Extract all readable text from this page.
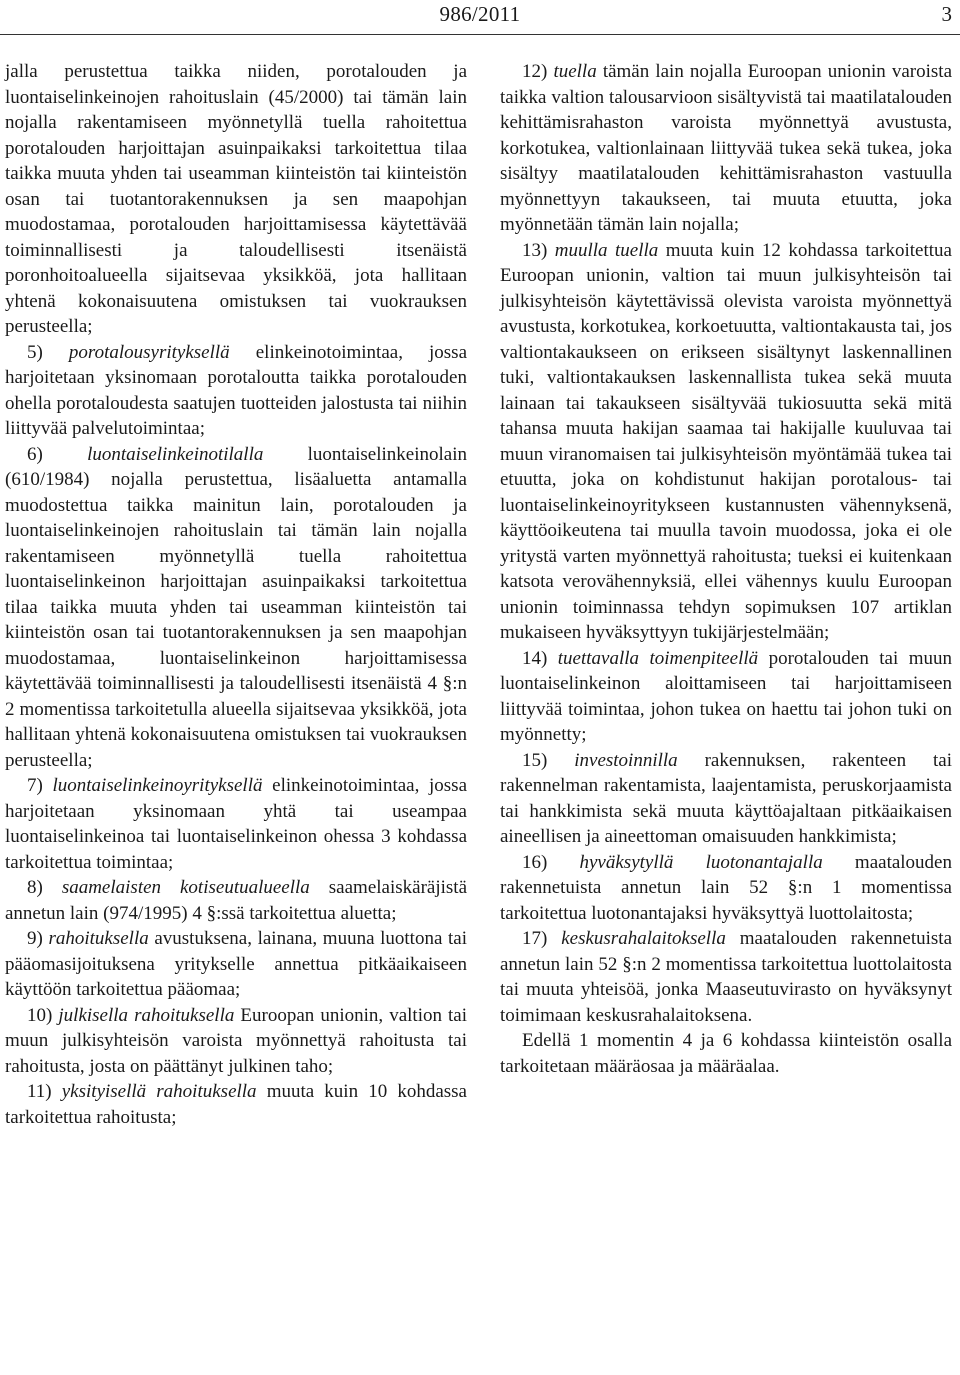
986/2011	3

jalla perustettua taikka niiden, porotalouden ja luontaiselinkeinojen rahoituslain (45/2000) tai tämän lain nojalla rakentamiseen myönnetyllä tuella rahoitettua porotalouden harjoittajan asuinpaikaksi tarkoitettua tilaa taikka muuta yhden tai useamman kiinteistön tai kiinteistön osan tai tuotantorakennuksen ja sen maapohjan muodostamaa, porotalouden harjoittamisessa käytettävää toiminnallisesti ja taloudellisesti itsenäistä poronhoitoalueella sijaitsevaa yksikköä, jota hallitaan yhtenä kokonaisuutena omistuksen tai vuokrauksen perusteella;

5) porotalousyrityksellä elinkeinotoimintaa, jossa harjoitetaan yksinomaan porotaloutta taikka porotalouden ohella porotaloudesta saatujen tuotteiden jalostusta tai niihin liittyvää palvelutoimintaa;

6) luontaiselinkeinotilalla luontaiselinkeinolain (610/1984) nojalla perustettua, lisäaluetta antamalla muodostettua taikka mainitun lain, porotalouden ja luontaiselinkeinojen rahoituslain tai tämän lain nojalla rakentamiseen myönnetyllä tuella rahoitettua luontaiselinkeinon harjoittajan asuinpaikaksi tarkoitettua tilaa taikka muuta yhden tai useamman kiinteistön tai kiinteistön osan tai tuotantorakennuksen ja sen maapohjan muodostamaa, luontaiselinkeinon harjoittamisessa käytettävää toiminnallisesti ja taloudellisesti itsenäistä 4 §:n 2 momentissa tarkoitetulla alueella sijaitsevaa yksikköä, jota hallitaan yhtenä kokonaisuutena omistuksen tai vuokrauksen perusteella;

7) luontaiselinkeinoyrityksellä elinkeinotoimintaa, jossa harjoitetaan yksinomaan yhtä tai useampaa luontaiselinkeinoa tai luontaiselinkeinon ohessa 3 kohdassa tarkoitettua toimintaa;

8) saamelaisten kotiseutualueella saamelaiskäräjistä annetun lain (974/1995) 4 §:ssä tarkoitettua aluetta;

9) rahoituksella avustuksena, lainana, muuna luottona tai pääomasijoituksena yritykselle annettua pitkäaikaiseen käyttöön tarkoitettua pääomaa;

10) julkisella rahoituksella Euroopan unionin, valtion tai muun julkisyhteisön varoista myönnettyä rahoitusta tai rahoitusta, josta on päättänyt julkinen taho;

11) yksityisellä rahoituksella muuta kuin 10 kohdassa tarkoitettua rahoitusta;

12) tuella tämän lain nojalla Euroopan unionin varoista taikka valtion talousarvioon sisältyvistä tai maatilatalouden kehittämisrahaston varoista myönnettyä avustusta, korkotukea, valtionlainaan liittyvää tukea sekä tukea, joka sisältyy maatilatalouden kehittämisrahaston vastuulla myönnettyyn takaukseen, tai muuta etuutta, joka myönnetään tämän lain nojalla;

13) muulla tuella muuta kuin 12 kohdassa tarkoitettua Euroopan unionin, valtion tai muun julkisyhteisön tai julkisyhteisön käytettävissä olevista varoista myönnettyä avustusta, korkotukea, korkoetuutta, valtiontakausta tai, jos valtiontakaukseen on erikseen sisältynyt laskennallinen tuki, valtiontakauksen laskennallista tukea sekä muuta lainaan tai takaukseen sisältyvää tukiosuutta sekä mitä tahansa muuta hakijan saamaa tai hakijalle kuuluvaa tai muun viranomaisen tai julkisyhteisön myöntämää tukea tai etuutta, joka on kohdistunut hakijan porotalous- tai luontaiselinkeinoyritykseen kustannusten vähennyksenä, käyttöoikeutena tai muulla tavoin muodossa, joka ei ole yritystä varten myönnettyä rahoitusta; tueksi ei kuitenkaan katsota verovähennyksiä, ellei vähennys kuulu Euroopan unionin toiminnassa tehdyn sopimuksen 107 artiklan mukaiseen hyväksyttyyn tukijärjestelmään;

14) tuettavalla toimenpiteellä porotalouden tai muun luontaiselinkeinon aloittamiseen tai harjoittamiseen liittyvää toimintaa, johon tukea on haettu tai johon tuki on myönnetty;

15) investoinnilla rakennuksen, rakenteen tai rakennelman rakentamista, laajentamista, peruskorjaamista tai hankkimista sekä muuta käyttöajaltaan pitkäaikaisen aineellisen ja aineettoman omaisuuden hankkimista;

16) hyväksytyllä luotonantajalla maatalouden rakennetuista annetun lain 52 §:n 1 momentissa tarkoitettua luotonantajaksi hyväksyttyä luottolaitosta;

17) keskusrahalaitoksella maatalouden rakennetuista annetun lain 52 §:n 2 momentissa tarkoitettua luottolaitosta tai muuta yhteisöä, jonka Maaseutuvirasto on hyväksynyt toimimaan keskusrahalaitoksena.

Edellä 1 momentin 4 ja 6 kohdassa kiinteistön osalla tarkoitetaan määräosaa ja määräalaa.
